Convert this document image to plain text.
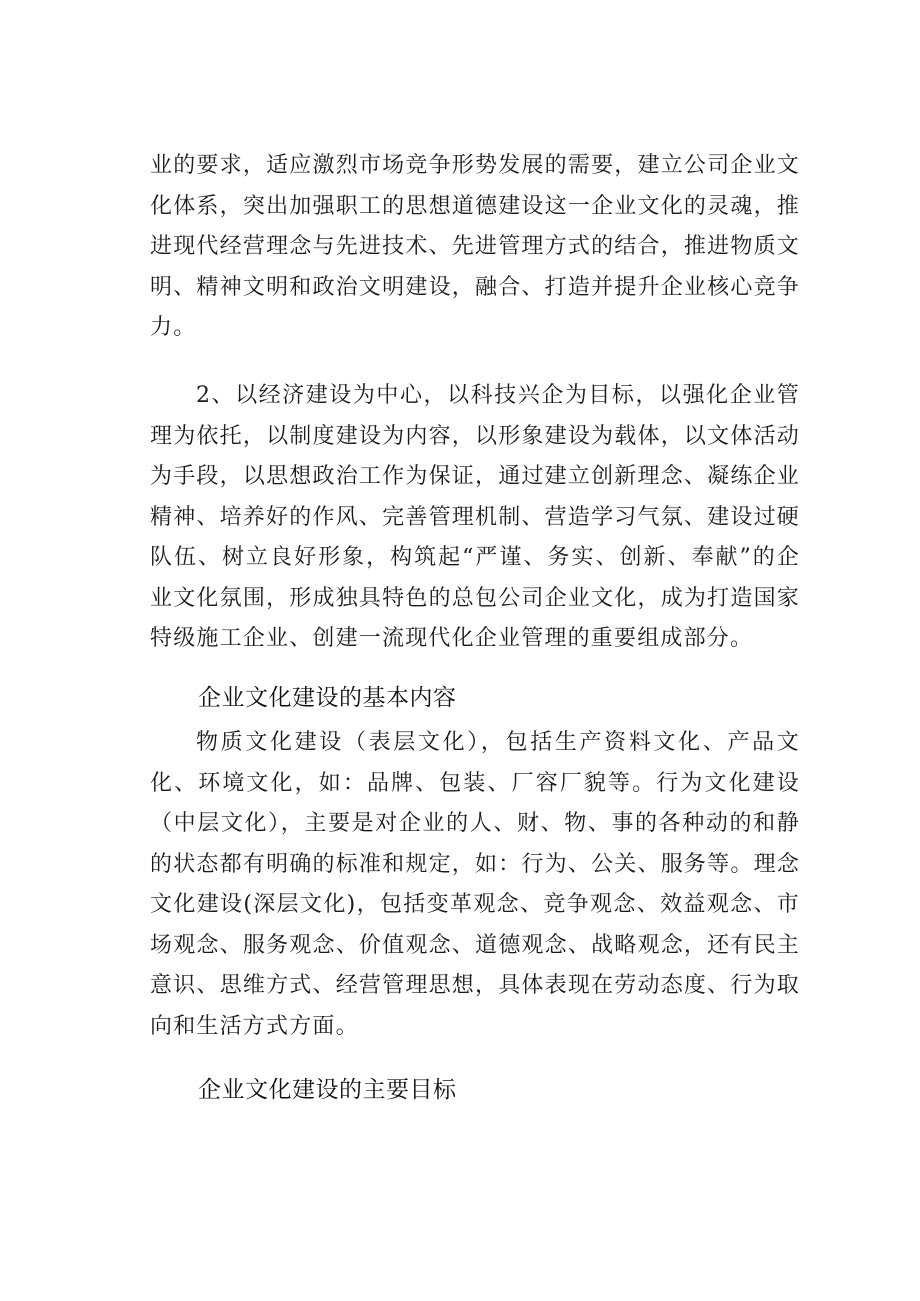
业的要求，适应激烈市场竞争形势发展的需要，建立公司企业文化体系，突出加强职工的思想道德建设这一企业文化的灵魂，推进现代经营理念与先进技术、先进管理方式的结合，推进物质文明、精神文明和政治文明建设，融合、打造并提升企业核心竞争力。

2、以经济建设为中心，以科技兴企为目标，以强化企业管理为依托，以制度建设为内容，以形象建设为载体，以文体活动为手段，以思想政治工作为保证，通过建立创新理念、凝练企业精神、培养好的作风、完善管理机制、营造学习气氛、建设过硬队伍、树立良好形象，构筑起“严谨、务实、创新、奉献”的企业文化氛围，形成独具特色的总包公司企业文化，成为打造国家特级施工企业、创建一流现代化企业管理的重要组成部分。

企业文化建设的基本内容

物质文化建设（表层文化），包括生产资料文化、产品文化、环境文化，如：品牌、包装、厂容厂貌等。行为文化建设（中层文化），主要是对企业的人、财、物、事的各种动的和静的状态都有明确的标准和规定，如：行为、公关、服务等。理念文化建设(深层文化)，包括变革观念、竞争观念、效益观念、市场观念、服务观念、价值观念、道德观念、战略观念，还有民主意识、思维方式、经营管理思想，具体表现在劳动态度、行为取向和生活方式方面。

企业文化建设的主要目标
